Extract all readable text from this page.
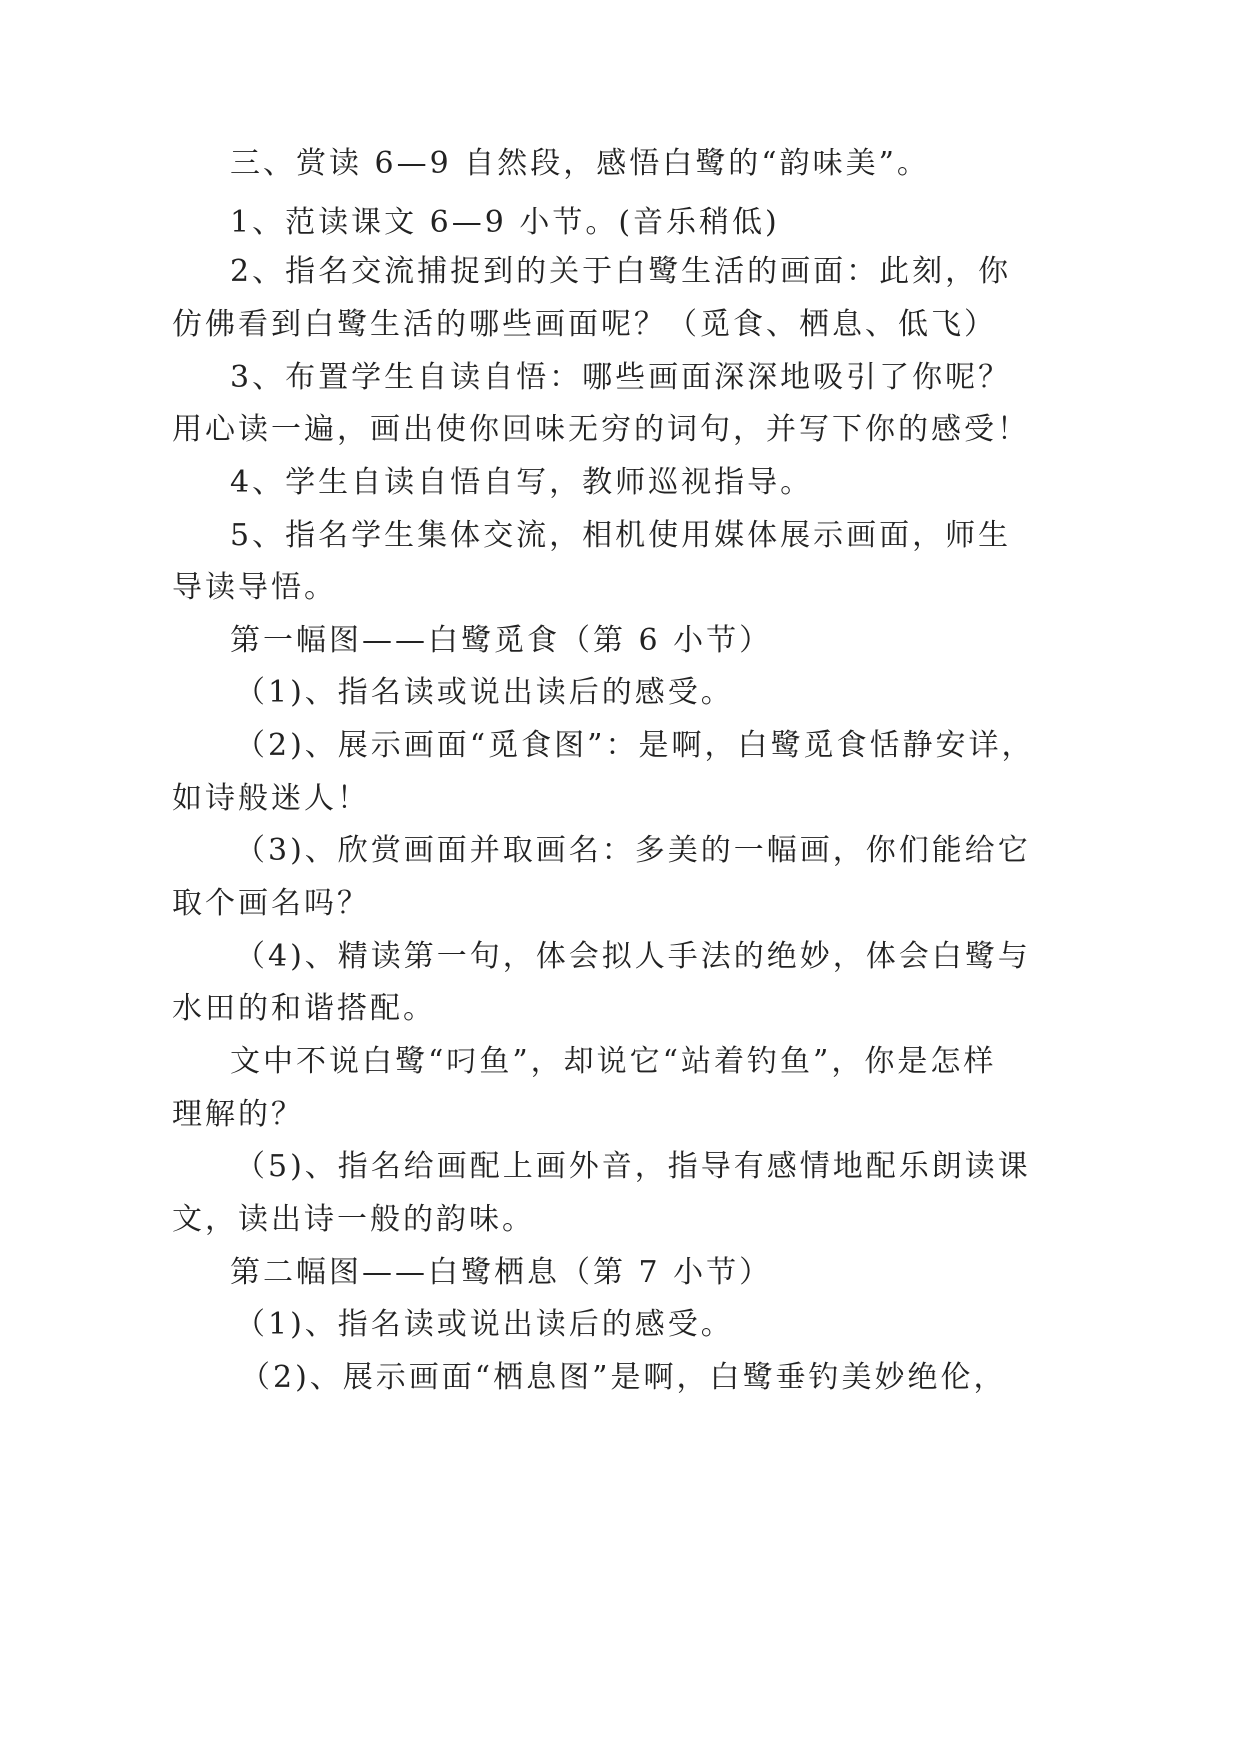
三、赏读 6—9 自然段，感悟白鹭的“韵味美”。
1、范读课文 6—9 小节。(音乐稍低)
2、指名交流捕捉到的关于白鹭生活的画面：此刻，你
仿佛看到白鹭生活的哪些画面呢？（觅食、栖息、低飞）
3、布置学生自读自悟：哪些画面深深地吸引了你呢？
用心读一遍，画出使你回味无穷的词句，并写下你的感受！
4、学生自读自悟自写，教师巡视指导。
5、指名学生集体交流，相机使用媒体展示画面，师生
导读导悟。
第一幅图——白鹭觅食（第 6 小节）
（1)、指名读或说出读后的感受。
（2)、展示画面“觅食图”：是啊，白鹭觅食恬静安详，
如诗般迷人！
（3)、欣赏画面并取画名：多美的一幅画，你们能给它
取个画名吗？
（4)、精读第一句，体会拟人手法的绝妙，体会白鹭与
水田的和谐搭配。
文中不说白鹭“叼鱼”，却说它“站着钓鱼”，你是怎样
理解的？
（5)、指名给画配上画外音，指导有感情地配乐朗读课
文，读出诗一般的韵味。
第二幅图——白鹭栖息（第 7 小节）
（1)、指名读或说出读后的感受。
（2)、展示画面“栖息图”是啊，白鹭垂钓美妙绝伦，
